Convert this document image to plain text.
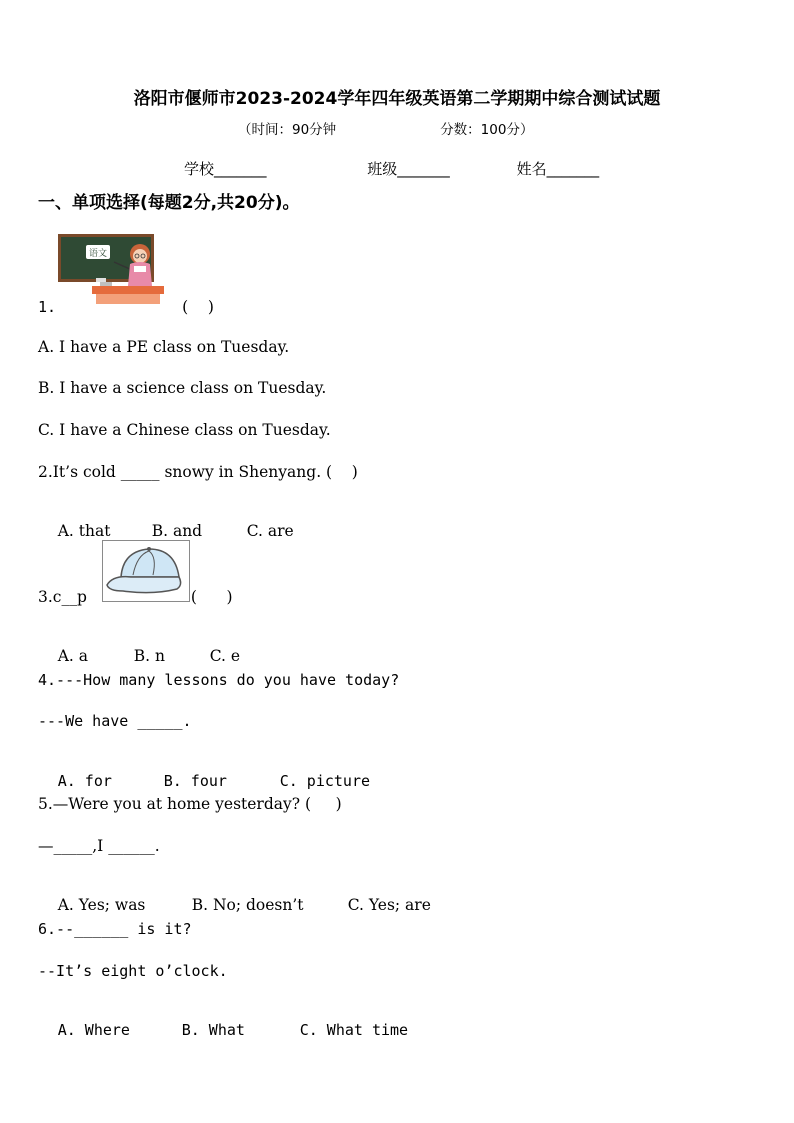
洛阳市偃师市2023-2024学年四年级英语第二学期期中综合测试试题
（时间：90分钟	分数：100分）
学校_______	班级_______	姓名_______
一、单项选择(每题2分,共20分)。
语文
1.	(    )
A. I have a PE class on Tuesday.
B. I have a science class on Tuesday.
C. I have a Chinese class on Tuesday.
2.It’s cold _____ snowy in Shenyang. (    )

A. that	B. and	C. are

3.c__p	(      )

A. a	B. n	C. e

4.---How many lessons do you have today?
---We have _____.

A. for	B. four	C. picture

5.—Were you at home yesterday? (     )
—_____,I ______.

A. Yes; was	B. No; doesn’t	C. Yes; are

6.--______ is it?
--It’s eight o’clock.

A. Where	B. What	C. What time
